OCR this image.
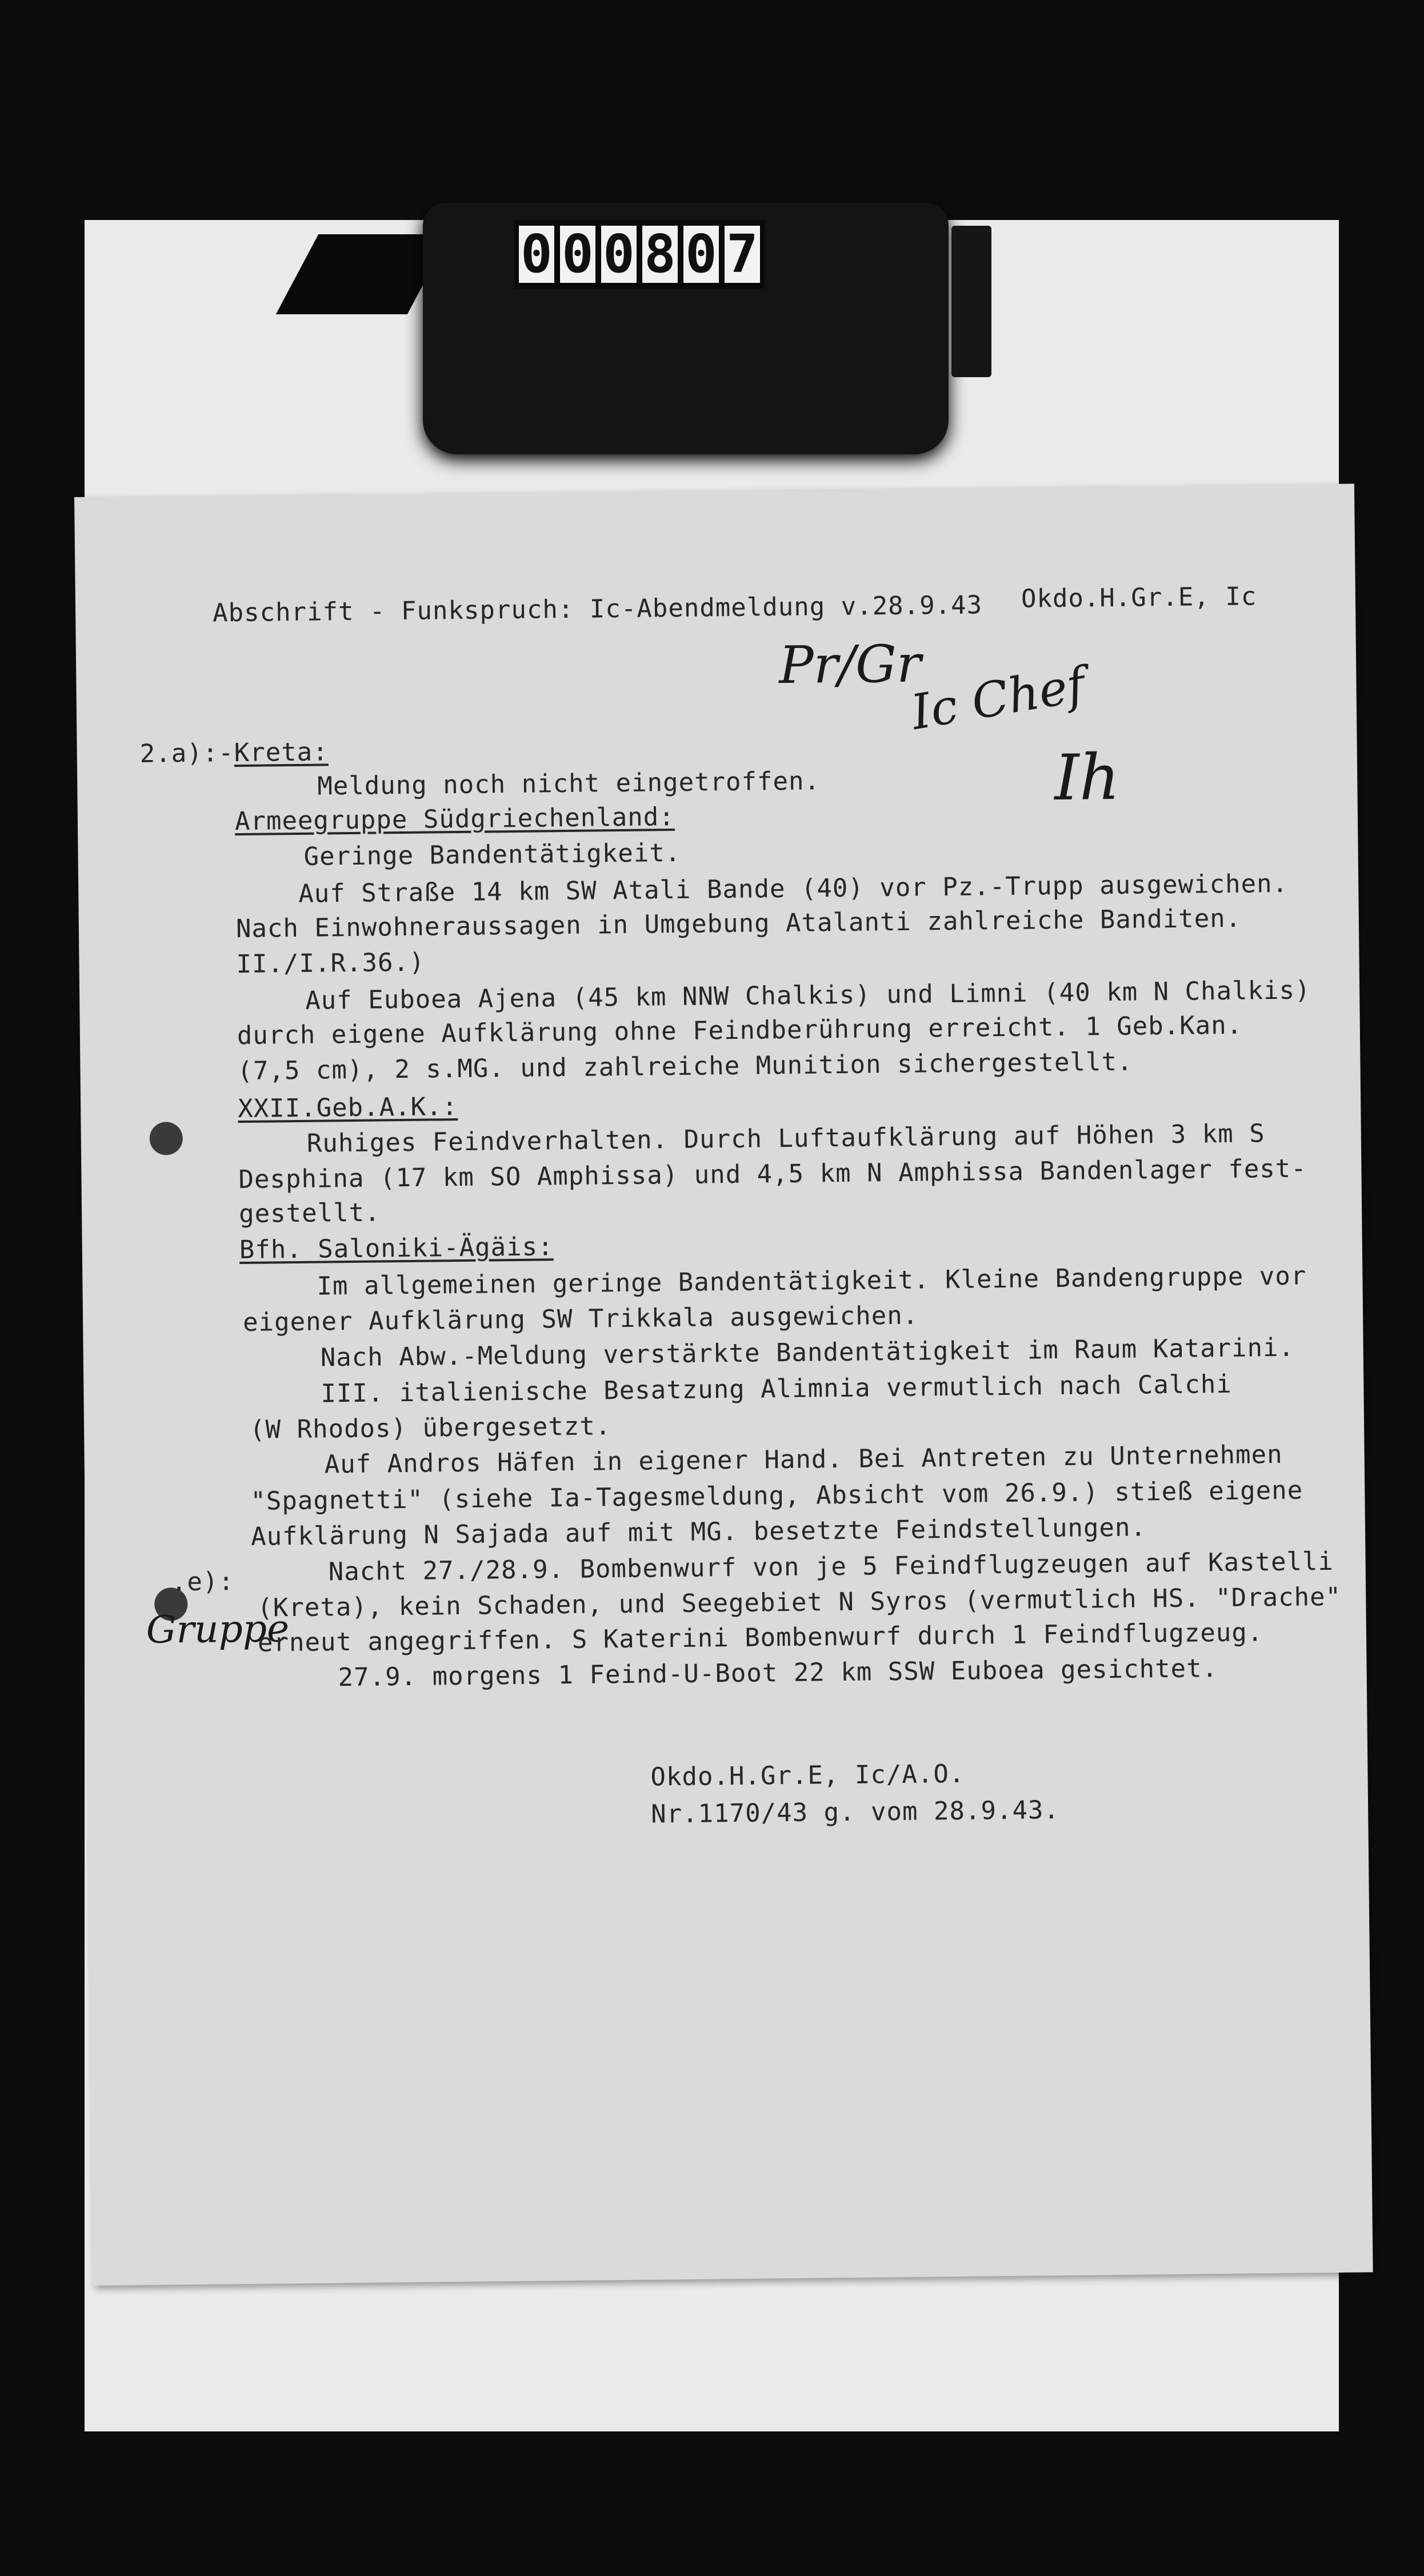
0 0 0 8 0 7
Abschrift - Funkspruch: Ic-Abendmeldung v.28.9.43 Okdo.H.Gr.E, Ic
Pr/Gr
Ic Chef
Ih
2.a):- Kreta:
Meldung noch nicht eingetroffen.
Armeegruppe Südgriechenland:
Geringe Bandentätigkeit.
Auf Straße 14 km SW Atali Bande (40) vor Pz.-Trupp ausgewichen.
Nach Einwohneraussagen in Umgebung Atalanti zahlreiche Banditen.
II./I.R.36.)
Auf Euboea Ajena (45 km NNW Chalkis) und Limni (40 km N Chalkis)
durch eigene Aufklärung ohne Feindberührung erreicht. 1 Geb.Kan.
(7,5 cm), 2 s.MG. und zahlreiche Munition sichergestellt.
XXII.Geb.A.K.:
Ruhiges Feindverhalten. Durch Luftaufklärung auf Höhen 3 km S
Desphina (17 km SO Amphissa) und 4,5 km N Amphissa Bandenlager fest-
gestellt.
Bfh. Saloniki-Ägäis:
Im allgemeinen geringe Bandentätigkeit. Kleine Bandengruppe vor
eigener Aufklärung SW Trikkala ausgewichen.
Nach Abw.-Meldung verstärkte Bandentätigkeit im Raum Katarini.
III. italienische Besatzung Alimnia vermutlich nach Calchi
(W Rhodos) übergesetzt.
Auf Andros Häfen in eigener Hand. Bei Antreten zu Unternehmen
"Spagnetti" (siehe Ia-Tagesmeldung, Absicht vom 26.9.) stieß eigene
Aufklärung N Sajada auf mit MG. besetzte Feindstellungen.
.e):
Gruppe
Nacht 27./28.9. Bombenwurf von je 5 Feindflugzeugen auf Kastelli
(Kreta), kein Schaden, und Seegebiet N Syros (vermutlich HS. "Drache"
erneut angegriffen. S Katerini Bombenwurf durch 1 Feindflugzeug.
27.9. morgens 1 Feind-U-Boot 22 km SSW Euboea gesichtet.
Okdo.H.Gr.E, Ic/A.O.
Nr.1170/43 g. vom 28.9.43.
